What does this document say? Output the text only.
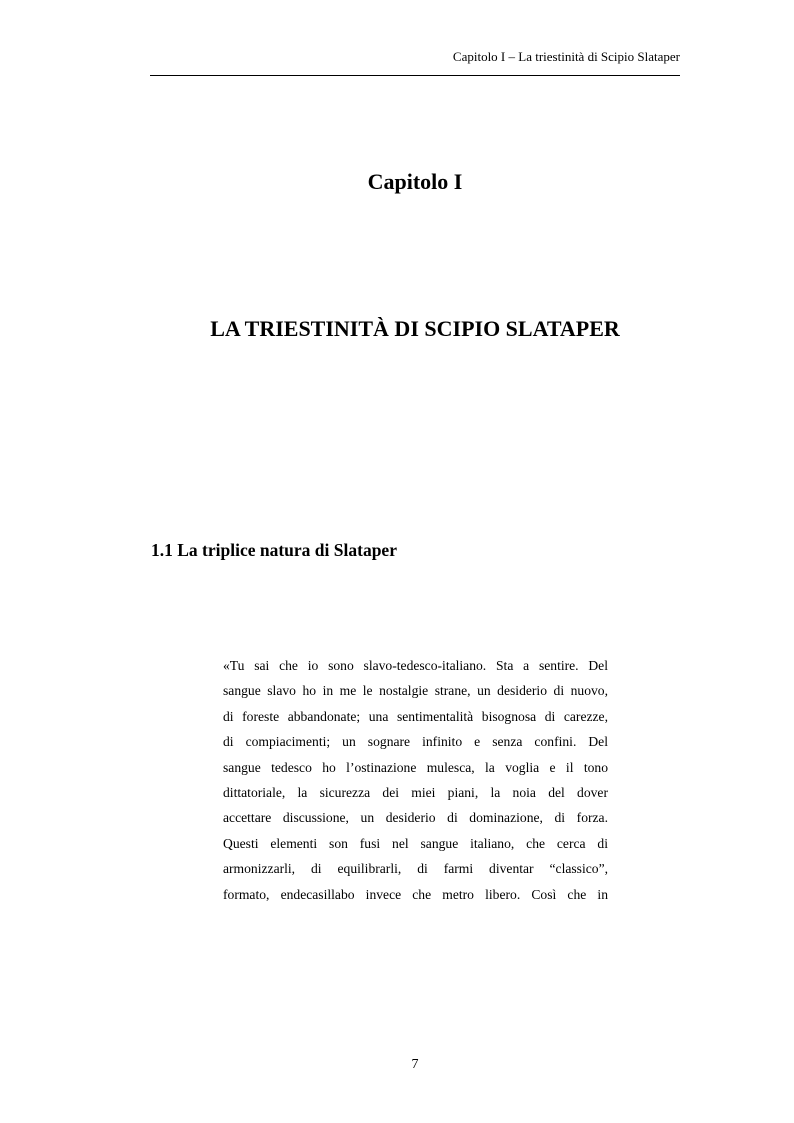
Capitolo I – La triestinità di Scipio Slataper
Capitolo I
LA TRIESTINITÀ DI SCIPIO SLATAPER
1.1 La triplice natura di Slataper
«Tu sai che io sono slavo-tedesco-italiano. Sta a sentire. Del
sangue slavo ho in me le nostalgie strane, un desiderio di nuovo,
di foreste abbandonate; una sentimentalità bisognosa di carezze,
di compiacimenti; un sognare infinito e senza confini. Del
sangue tedesco ho l’ostinazione mulesca, la voglia e il tono
dittatoriale, la sicurezza dei miei piani, la noia del dover
accettare discussione, un desiderio di dominazione, di forza.
Questi elementi son fusi nel sangue italiano, che cerca di
armonizzarli, di equilibrarli, di farmi diventar “classico”,
formato, endecasillabo invece che metro libero. Così che in
7
